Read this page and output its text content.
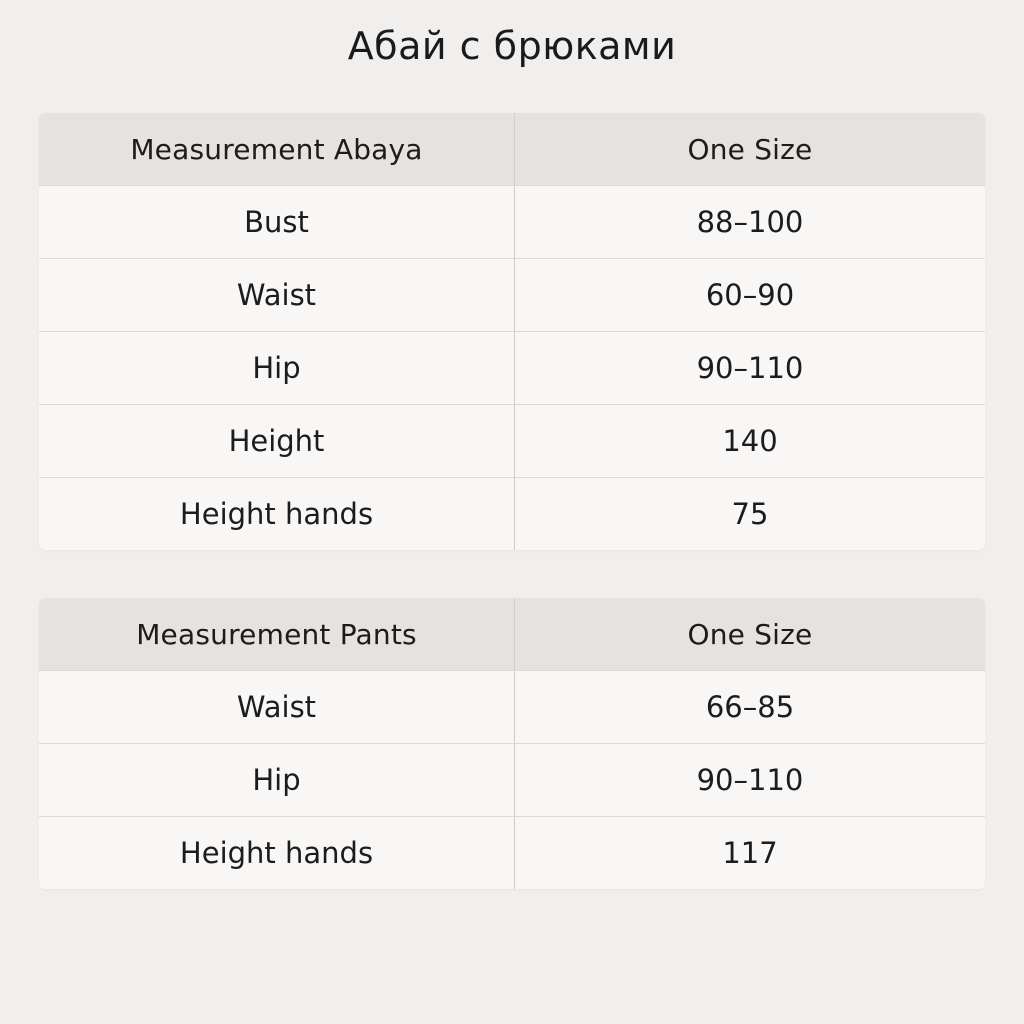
Абай с брюками
Measurement Abaya	One Size
Bust	88–100
Waist	60–90
Hip	90–110
Height	140
Height hands	75
Measurement Pants	One Size
Waist	66–85
Hip	90–110
Height hands	117
